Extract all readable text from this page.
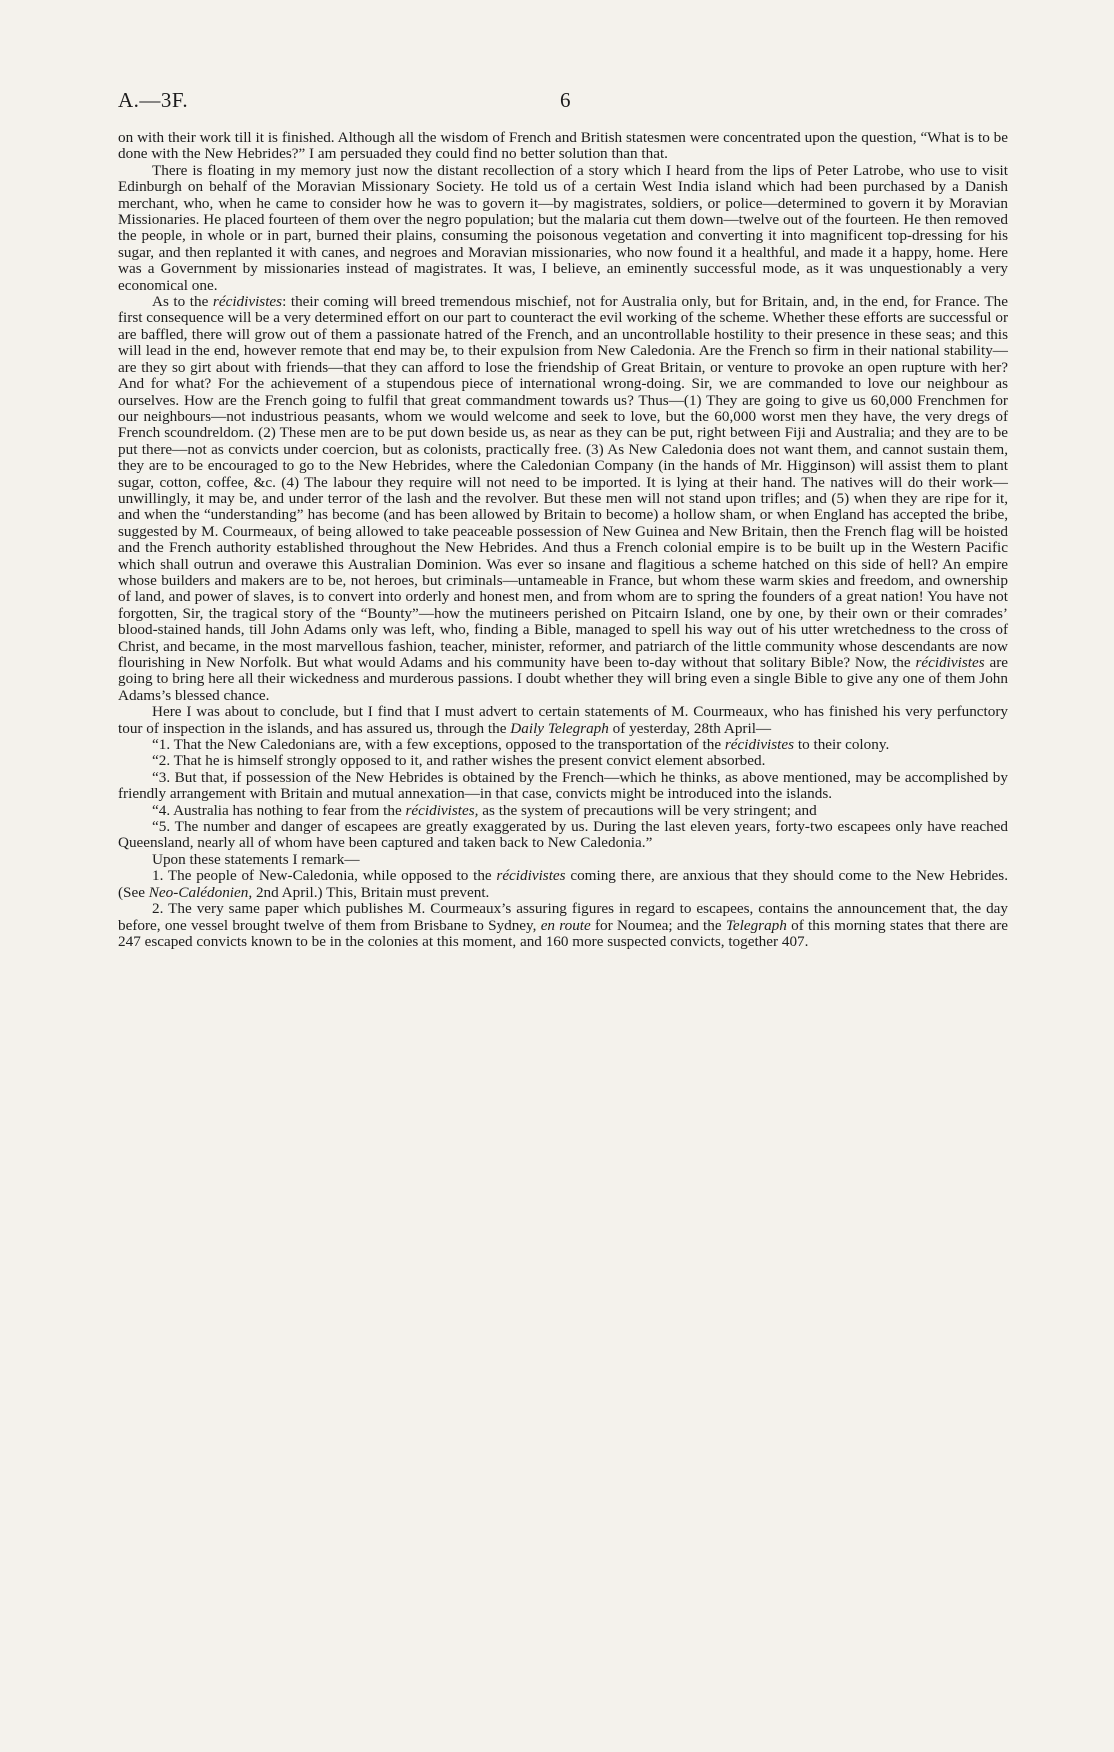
A.—3F.	6

on with their work till it is finished. Although all the wisdom of French and British statesmen were concentrated upon the question, “What is to be done with the New Hebrides?” I am persuaded they could find no better solution than that.

There is floating in my memory just now the distant recollection of a story which I heard from the lips of Peter Latrobe, who use to visit Edinburgh on behalf of the Moravian Missionary Society. He told us of a certain West India island which had been purchased by a Danish merchant, who, when he came to consider how he was to govern it—by magistrates, soldiers, or police—determined to govern it by Moravian Missionaries. He placed fourteen of them over the negro population; but the malaria cut them down—twelve out of the fourteen. He then removed the people, in whole or in part, burned their plains, consuming the poisonous vegetation and converting it into magnificent top-dressing for his sugar, and then replanted it with canes, and negroes and Moravian missionaries, who now found it a healthful, and made it a happy, home. Here was a Government by missionaries instead of magistrates. It was, I believe, an eminently successful mode, as it was unquestionably a very economical one.

As to the récidivistes: their coming will breed tremendous mischief, not for Australia only, but for Britain, and, in the end, for France. The first consequence will be a very determined effort on our part to counteract the evil working of the scheme. Whether these efforts are successful or are baffled, there will grow out of them a passionate hatred of the French, and an uncontrollable hostility to their presence in these seas; and this will lead in the end, however remote that end may be, to their expulsion from New Caledonia. Are the French so firm in their national stability—are they so girt about with friends—that they can afford to lose the friendship of Great Britain, or venture to provoke an open rupture with her? And for what? For the achievement of a stupendous piece of international wrong-doing. Sir, we are commanded to love our neighbour as ourselves. How are the French going to fulfil that great commandment towards us? Thus—(1) They are going to give us 60,000 Frenchmen for our neighbours—not industrious peasants, whom we would welcome and seek to love, but the 60,000 worst men they have, the very dregs of French scoundreldom. (2) These men are to be put down beside us, as near as they can be put, right between Fiji and Australia; and they are to be put there—not as convicts under coercion, but as colonists, practically free. (3) As New Caledonia does not want them, and cannot sustain them, they are to be encouraged to go to the New Hebrides, where the Caledonian Company (in the hands of Mr. Higginson) will assist them to plant sugar, cotton, coffee, &c. (4) The labour they require will not need to be imported. It is lying at their hand. The natives will do their work—unwillingly, it may be, and under terror of the lash and the revolver. But these men will not stand upon trifles; and (5) when they are ripe for it, and when the “understanding” has become (and has been allowed by Britain to become) a hollow sham, or when England has accepted the bribe, suggested by M. Courmeaux, of being allowed to take peaceable possession of New Guinea and New Britain, then the French flag will be hoisted and the French authority established throughout the New Hebrides. And thus a French colonial empire is to be built up in the Western Pacific which shall outrun and overawe this Australian Dominion. Was ever so insane and flagitious a scheme hatched on this side of hell? An empire whose builders and makers are to be, not heroes, but criminals—untameable in France, but whom these warm skies and freedom, and ownership of land, and power of slaves, is to convert into orderly and honest men, and from whom are to spring the founders of a great nation! You have not forgotten, Sir, the tragical story of the “Bounty”—how the mutineers perished on Pitcairn Island, one by one, by their own or their comrades’ blood-stained hands, till John Adams only was left, who, finding a Bible, managed to spell his way out of his utter wretchedness to the cross of Christ, and became, in the most marvellous fashion, teacher, minister, reformer, and patriarch of the little community whose descendants are now flourishing in New Norfolk. But what would Adams and his community have been to-day without that solitary Bible? Now, the récidivistes are going to bring here all their wickedness and murderous passions. I doubt whether they will bring even a single Bible to give any one of them John Adams’s blessed chance.

Here I was about to conclude, but I find that I must advert to certain statements of M. Courmeaux, who has finished his very perfunctory tour of inspection in the islands, and has assured us, through the Daily Telegraph of yesterday, 28th April—

“1. That the New Caledonians are, with a few exceptions, opposed to the transportation of the récidivistes to their colony.

“2. That he is himself strongly opposed to it, and rather wishes the present convict element absorbed.

“3. But that, if possession of the New Hebrides is obtained by the French—which he thinks, as above mentioned, may be accomplished by friendly arrangement with Britain and mutual annexation—in that case, convicts might be introduced into the islands.

“4. Australia has nothing to fear from the récidivistes, as the system of precautions will be very stringent; and

“5. The number and danger of escapees are greatly exaggerated by us. During the last eleven years, forty-two escapees only have reached Queensland, nearly all of whom have been captured and taken back to New Caledonia.”

Upon these statements I remark—

1. The people of New-Caledonia, while opposed to the récidivistes coming there, are anxious that they should come to the New Hebrides. (See Neo-Calédonien, 2nd April.) This, Britain must prevent.

2. The very same paper which publishes M. Courmeaux’s assuring figures in regard to escapees, contains the announcement that, the day before, one vessel brought twelve of them from Brisbane to Sydney, en route for Noumea; and the Telegraph of this morning states that there are 247 escaped convicts known to be in the colonies at this moment, and 160 more suspected convicts, together 407.
